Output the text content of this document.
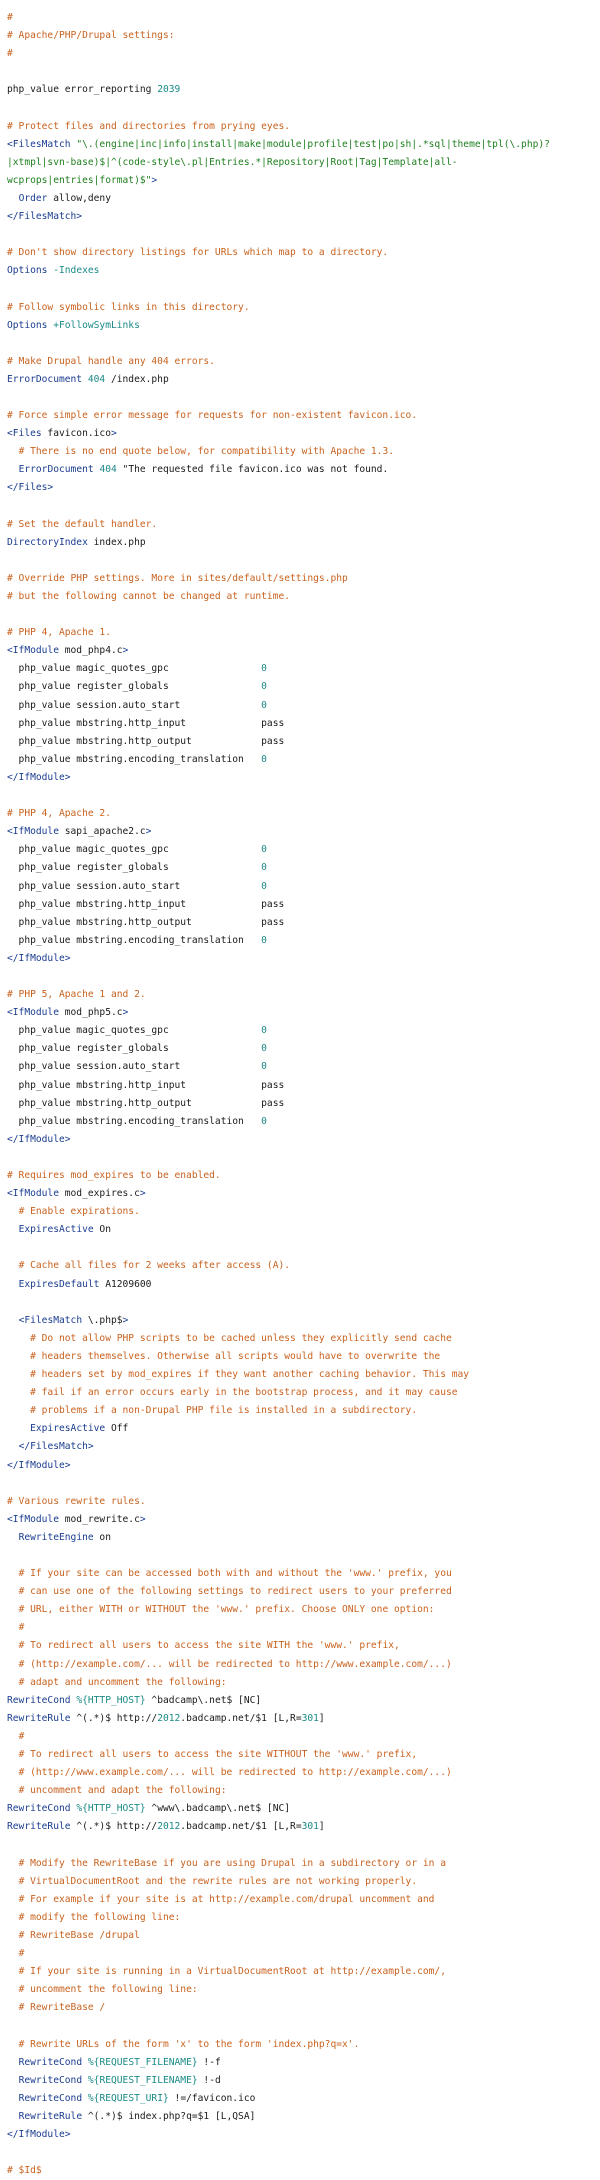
#
# Apache/PHP/Drupal settings:
#
php_value error_reporting 2039
# Protect files and directories from prying eyes.
<FilesMatch "\.(engine|inc|info|install|make|module|profile|test|po|sh|.*sql|theme|tpl(\.php)?
|xtmpl|svn-base)$|^(code-style\.pl|Entries.*|Repository|Root|Tag|Template|all-
wcprops|entries|format)$">
Order allow,deny
</FilesMatch>
# Don't show directory listings for URLs which map to a directory.
Options -Indexes
# Follow symbolic links in this directory.
Options +FollowSymLinks
# Make Drupal handle any 404 errors.
ErrorDocument 404 /index.php
# Force simple error message for requests for non-existent favicon.ico.
<Files favicon.ico>
# There is no end quote below, for compatibility with Apache 1.3.
ErrorDocument 404 "The requested file favicon.ico was not found.
</Files>
# Set the default handler.
DirectoryIndex index.php
# Override PHP settings. More in sites/default/settings.php
# but the following cannot be changed at runtime.
# PHP 4, Apache 1.
<IfModule mod_php4.c>
php_value magic_quotes_gpc                0
php_value register_globals                0
php_value session.auto_start              0
php_value mbstring.http_input             pass
php_value mbstring.http_output            pass
php_value mbstring.encoding_translation   0
</IfModule>
# PHP 4, Apache 2.
<IfModule sapi_apache2.c>
php_value magic_quotes_gpc                0
php_value register_globals                0
php_value session.auto_start              0
php_value mbstring.http_input             pass
php_value mbstring.http_output            pass
php_value mbstring.encoding_translation   0
</IfModule>
# PHP 5, Apache 1 and 2.
<IfModule mod_php5.c>
php_value magic_quotes_gpc                0
php_value register_globals                0
php_value session.auto_start              0
php_value mbstring.http_input             pass
php_value mbstring.http_output            pass
php_value mbstring.encoding_translation   0
</IfModule>
# Requires mod_expires to be enabled.
<IfModule mod_expires.c>
# Enable expirations.
ExpiresActive On
# Cache all files for 2 weeks after access (A).
ExpiresDefault A1209600
<FilesMatch \.php$>
# Do not allow PHP scripts to be cached unless they explicitly send cache
# headers themselves. Otherwise all scripts would have to overwrite the
# headers set by mod_expires if they want another caching behavior. This may
# fail if an error occurs early in the bootstrap process, and it may cause
# problems if a non-Drupal PHP file is installed in a subdirectory.
ExpiresActive Off
</FilesMatch>
</IfModule>
# Various rewrite rules.
<IfModule mod_rewrite.c>
RewriteEngine on
# If your site can be accessed both with and without the 'www.' prefix, you
# can use one of the following settings to redirect users to your preferred
# URL, either WITH or WITHOUT the 'www.' prefix. Choose ONLY one option:
#
# To redirect all users to access the site WITH the 'www.' prefix,
# (http://example.com/... will be redirected to http://www.example.com/...)
# adapt and uncomment the following:
RewriteCond %{HTTP_HOST} ^badcamp\.net$ [NC]
RewriteRule ^(.*)$ http://2012.badcamp.net/$1 [L,R=301]
#
# To redirect all users to access the site WITHOUT the 'www.' prefix,
# (http://www.example.com/... will be redirected to http://example.com/...)
# uncomment and adapt the following:
RewriteCond %{HTTP_HOST} ^www\.badcamp\.net$ [NC]
RewriteRule ^(.*)$ http://2012.badcamp.net/$1 [L,R=301]
# Modify the RewriteBase if you are using Drupal in a subdirectory or in a
# VirtualDocumentRoot and the rewrite rules are not working properly.
# For example if your site is at http://example.com/drupal uncomment and
# modify the following line:
# RewriteBase /drupal
#
# If your site is running in a VirtualDocumentRoot at http://example.com/,
# uncomment the following line:
# RewriteBase /
# Rewrite URLs of the form 'x' to the form 'index.php?q=x'.
RewriteCond %{REQUEST_FILENAME} !-f
RewriteCond %{REQUEST_FILENAME} !-d
RewriteCond %{REQUEST_URI} !=/favicon.ico
RewriteRule ^(.*)$ index.php?q=$1 [L,QSA]
</IfModule>
# $Id$
